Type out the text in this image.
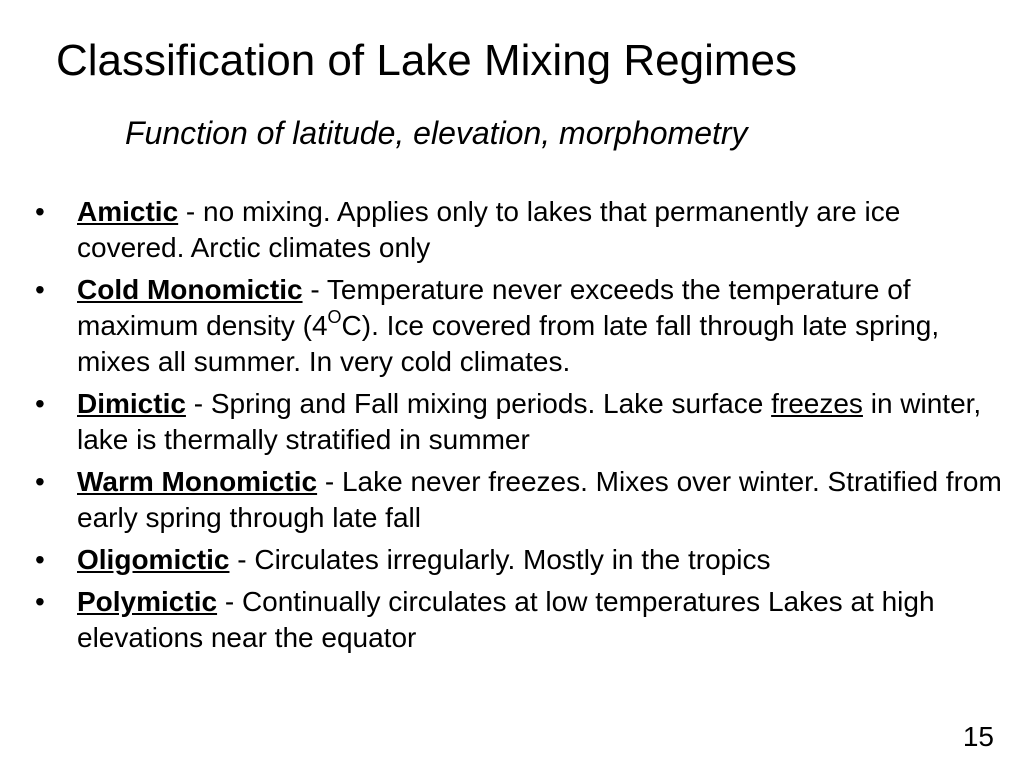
Classification of Lake Mixing Regimes
Function of latitude, elevation, morphometry
•	Amictic - no mixing. Applies only to lakes that permanently are ice covered. Arctic climates only
•	Cold Monomictic - Temperature never exceeds the temperature of maximum density $(4^OC)$. Ice covered from late fall through late spring, mixes all summer. In very cold climates.
•	Dimictic - Spring and Fall mixing periods. Lake surface freezes in winter, lake is thermally stratified in summer
•	Warm Monomictic - Lake never freezes. Mixes over winter. Stratified from early spring through late fall
•	Oligomictic - Circulates irregularly. Mostly in the tropics
•	Polymictic - Continually circulates at low temperatures Lakes at high elevations near the equator
15
